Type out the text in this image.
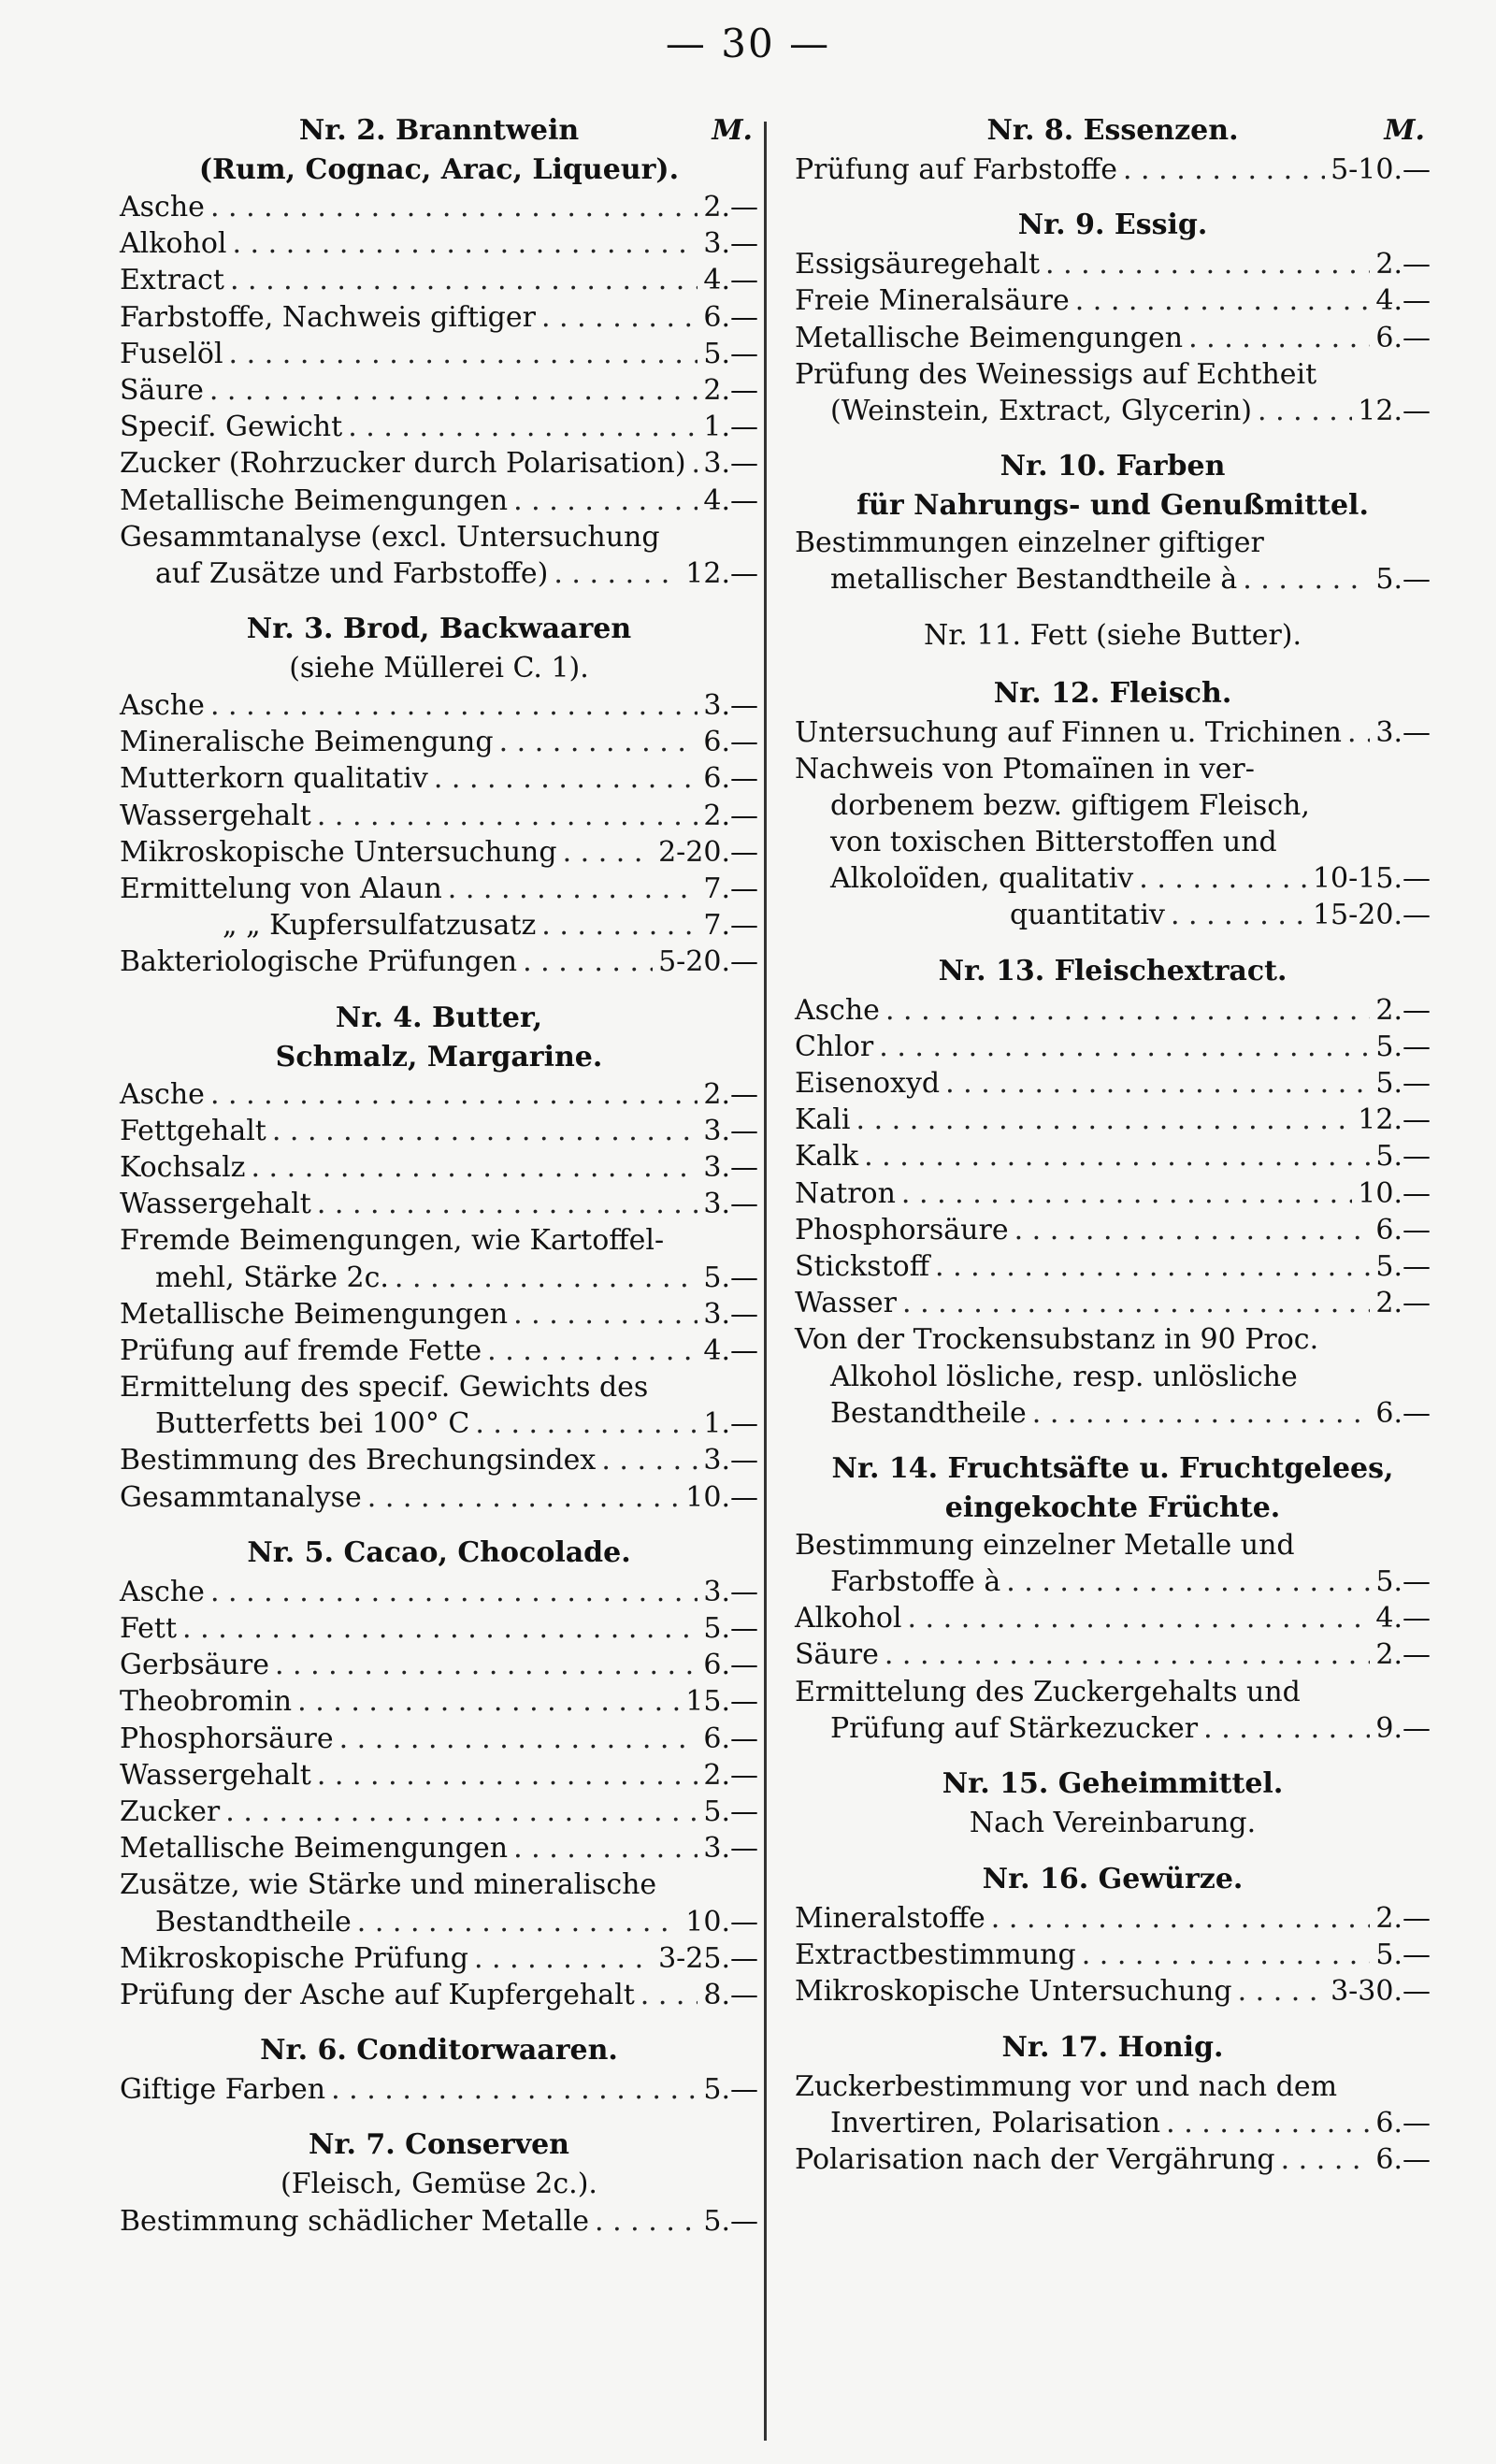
— 30 —
Nr. 2. Branntwein	M.
(Rum, Cognac, Arac, Liqueur).
Asche . . .	2.—
Alkohol . . .	3.—
Extract . . .	4.—
Farbstoffe, Nachweis giftiger . . .	6.—
Fuselöl . . .	5.—
Säure . . .	2.—
Specif. Gewicht . . .	1.—
Zucker (Rohrzucker durch Polarisation) . . . 3.—
Metallische Beimengungen . . .	4.—
Gesammtanalyse (excl. Untersuchung
auf Zusätze und Farbstoffe) . . .	12.—
Nr. 3. Brod, Backwaaren
(siehe Müllerei C. 1).
Asche . . .	3.—
Mineralische Beimengung . . .	6.—
Mutterkorn qualitativ . . .	6.—
Wassergehalt . . .	2.—
Mikroskopische Untersuchung . . .	2-20.—
Ermittelung von Alaun . . .	7.—
„ „ Kupfersulfatzusatz . . .	7.—
Bakteriologische Prüfungen . . .	5-20.—
Nr. 4. Butter,
Schmalz, Margarine.
Asche . . .	2.—
Fettgehalt . . .	3.—
Kochsalz . . .	3.—
Wassergehalt . . .	3.—
Fremde Beimengungen, wie Kartoffel-
mehl, Stärke 2c. . . .	5.—
Metallische Beimengungen . . .	3.—
Prüfung auf fremde Fette . . .	4.—
Ermittelung des specif. Gewichts des
Butterfetts bei 100° C . . .	1.—
Bestimmung des Brechungsindex . . .	3.—
Gesammtanalyse . . .	10.—
Nr. 5. Cacao, Chocolade.
Asche . . .	3.—
Fett . . .	5.—
Gerbsäure . . .	6.—
Theobromin . . .	15.—
Phosphorsäure . . .	6.—
Wassergehalt . . .	2.—
Zucker . . .	5.—
Metallische Beimengungen . . .	3.—
Zusätze, wie Stärke und mineralische
Bestandtheile . . .	10.—
Mikroskopische Prüfung . . .	3-25.—
Prüfung der Asche auf Kupfergehalt . . . 8.—
Nr. 6. Conditorwaaren.
Giftige Farben . . .	5.—
Nr. 7. Conserven
(Fleisch, Gemüse 2c.).
Bestimmung schädlicher Metalle . . .	5.—
Nr. 8. Essenzen.	M.
Prüfung auf Farbstoffe . . .	5-10.—
Nr. 9. Essig.
Essigsäuregehalt . . .	2.—
Freie Mineralsäure . . .	4.—
Metallische Beimengungen . . .	6.—
Prüfung des Weinessigs auf Echtheit
(Weinstein, Extract, Glycerin) . . .	12.—
Nr. 10. Farben
für Nahrungs- und Genußmittel.
Bestimmungen einzelner giftiger
metallischer Bestandtheile à . . .	5.—
Nr. 11. Fett (siehe Butter).
Nr. 12. Fleisch.
Untersuchung auf Finnen u. Trichinen . . . 3.—
Nachweis von Ptomaïnen in ver-
dorbenem bezw. giftigem Fleisch,
von toxischen Bitterstoffen und
Alkoloïden, qualitativ . . .	10-15.—
quantitativ . . .	15-20.—
Nr. 13. Fleischextract.
Asche . . .	2.—
Chlor . . .	5.—
Eisenoxyd . . .	5.—
Kali . . .	12.—
Kalk . . .	5.—
Natron . . .	10.—
Phosphorsäure . . .	6.—
Stickstoff . . .	5.—
Wasser . . .	2.—
Von der Trockensubstanz in 90 Proc.
Alkohol lösliche, resp. unlösliche
Bestandtheile . . .	6.—
Nr. 14. Fruchtsäfte u. Fruchtgelees,
eingekochte Früchte.
Bestimmung einzelner Metalle und
Farbstoffe à . . .	5.—
Alkohol . . .	4.—
Säure . . .	2.—
Ermittelung des Zuckergehalts und
Prüfung auf Stärkezucker . . .	9.—
Nr. 15. Geheimmittel.
Nach Vereinbarung.
Nr. 16. Gewürze.
Mineralstoffe . . .	2.—
Extractbestimmung . . .	5.—
Mikroskopische Untersuchung . . .	3-30.—
Nr. 17. Honig.
Zuckerbestimmung vor und nach dem
Invertiren, Polarisation . . .	6.—
Polarisation nach der Vergährung . . .	6.—
